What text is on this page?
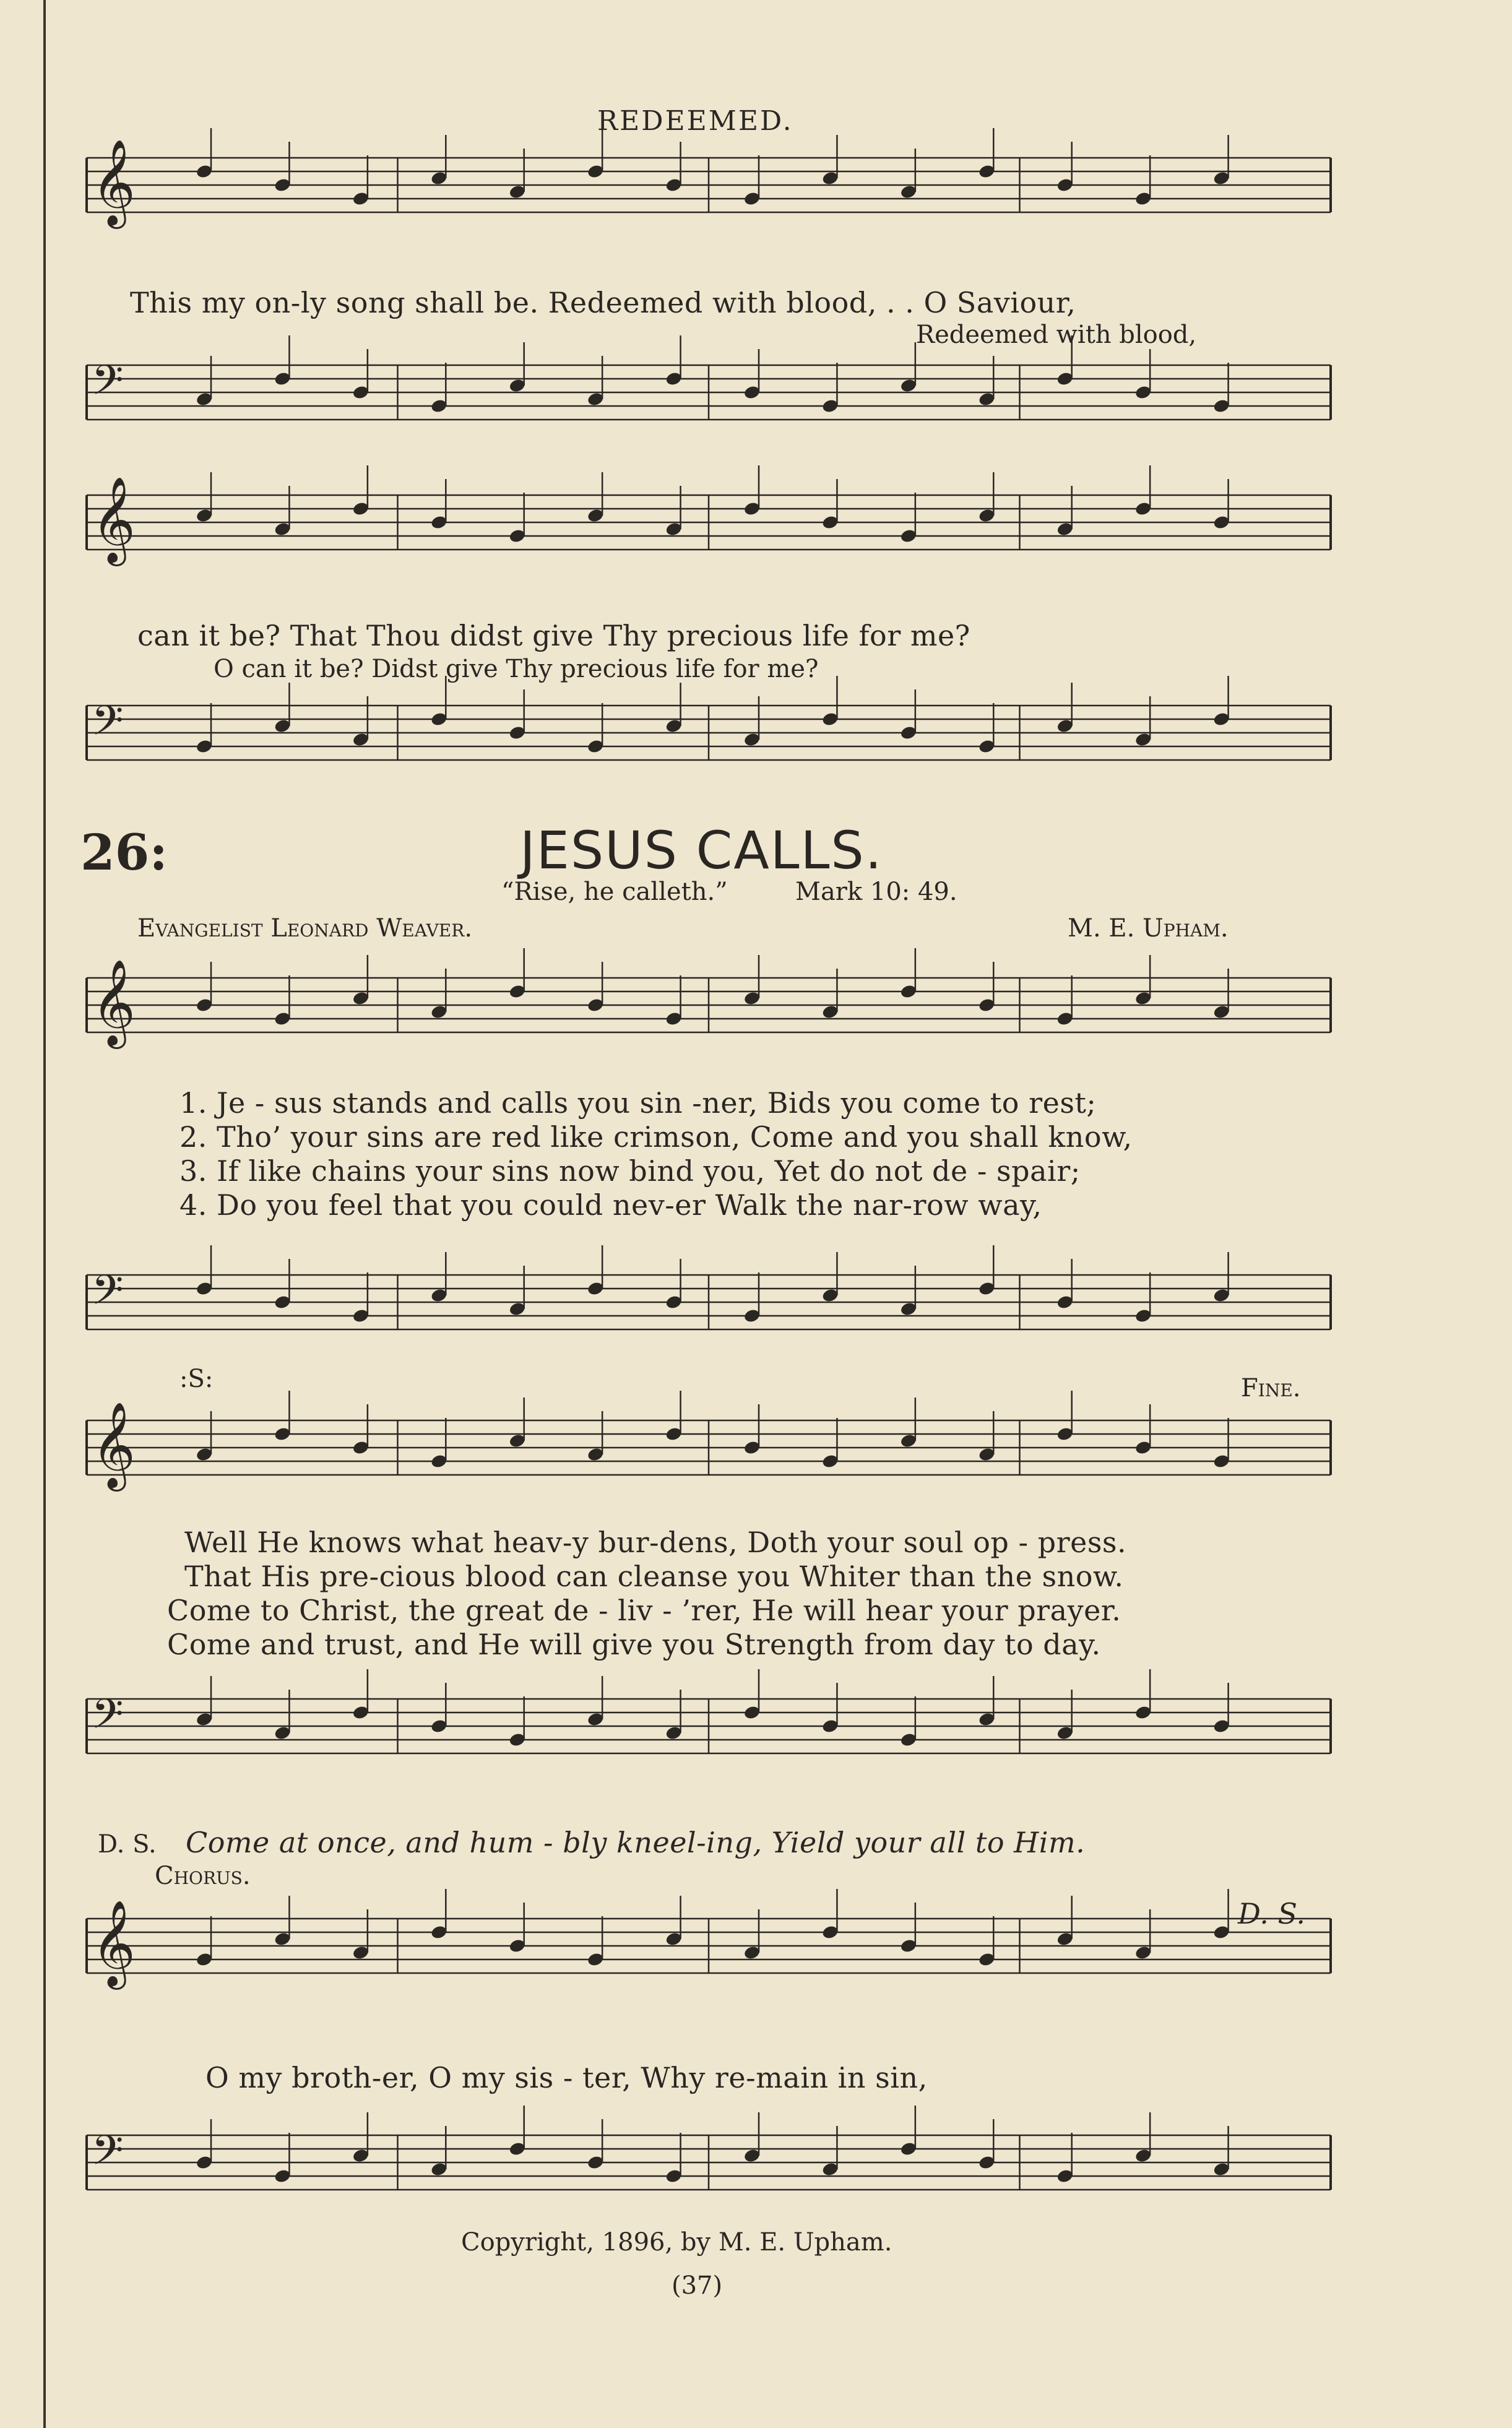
𝄞
𝄢
𝄞
𝄢
𝄞
𝄢
𝄞
𝄢
𝄞
𝄢
REDEEMED.
This my on-ly song shall be. Redeemed with blood, . . O Saviour,
Redeemed with blood,
can it be? That Thou didst give Thy precious life for me?
O can it be? Didst give Thy precious life for me?
26:	JESUS CALLS.
“Rise, he calleth.”	Mark 10: 49.
Evangelist Leonard Weaver.	M. E. Upham.
1. Je - sus stands and calls you sin -ner, Bids you come to rest;
2. Tho’ your sins are red like crimson, Come and you shall know,
3. If like chains your sins now bind you, Yet do not de - spair;
4. Do you feel that you could nev-er Walk the nar-row way,
:S:	Fine.
Well He knows what heav-y bur-dens, Doth your soul op - press.
That His pre-cious blood can cleanse you Whiter than the snow.
Come to Christ, the great de - liv - ’rer, He will hear your prayer.
Come and trust, and He will give you Strength from day to day.
D. S. Come at once, and hum - bly kneel-ing, Yield your all to Him.
Chorus.
D. S.
O my broth-er, O my sis - ter, Why re-main in sin,
Copyright, 1896, by M. E. Upham.
(37)
